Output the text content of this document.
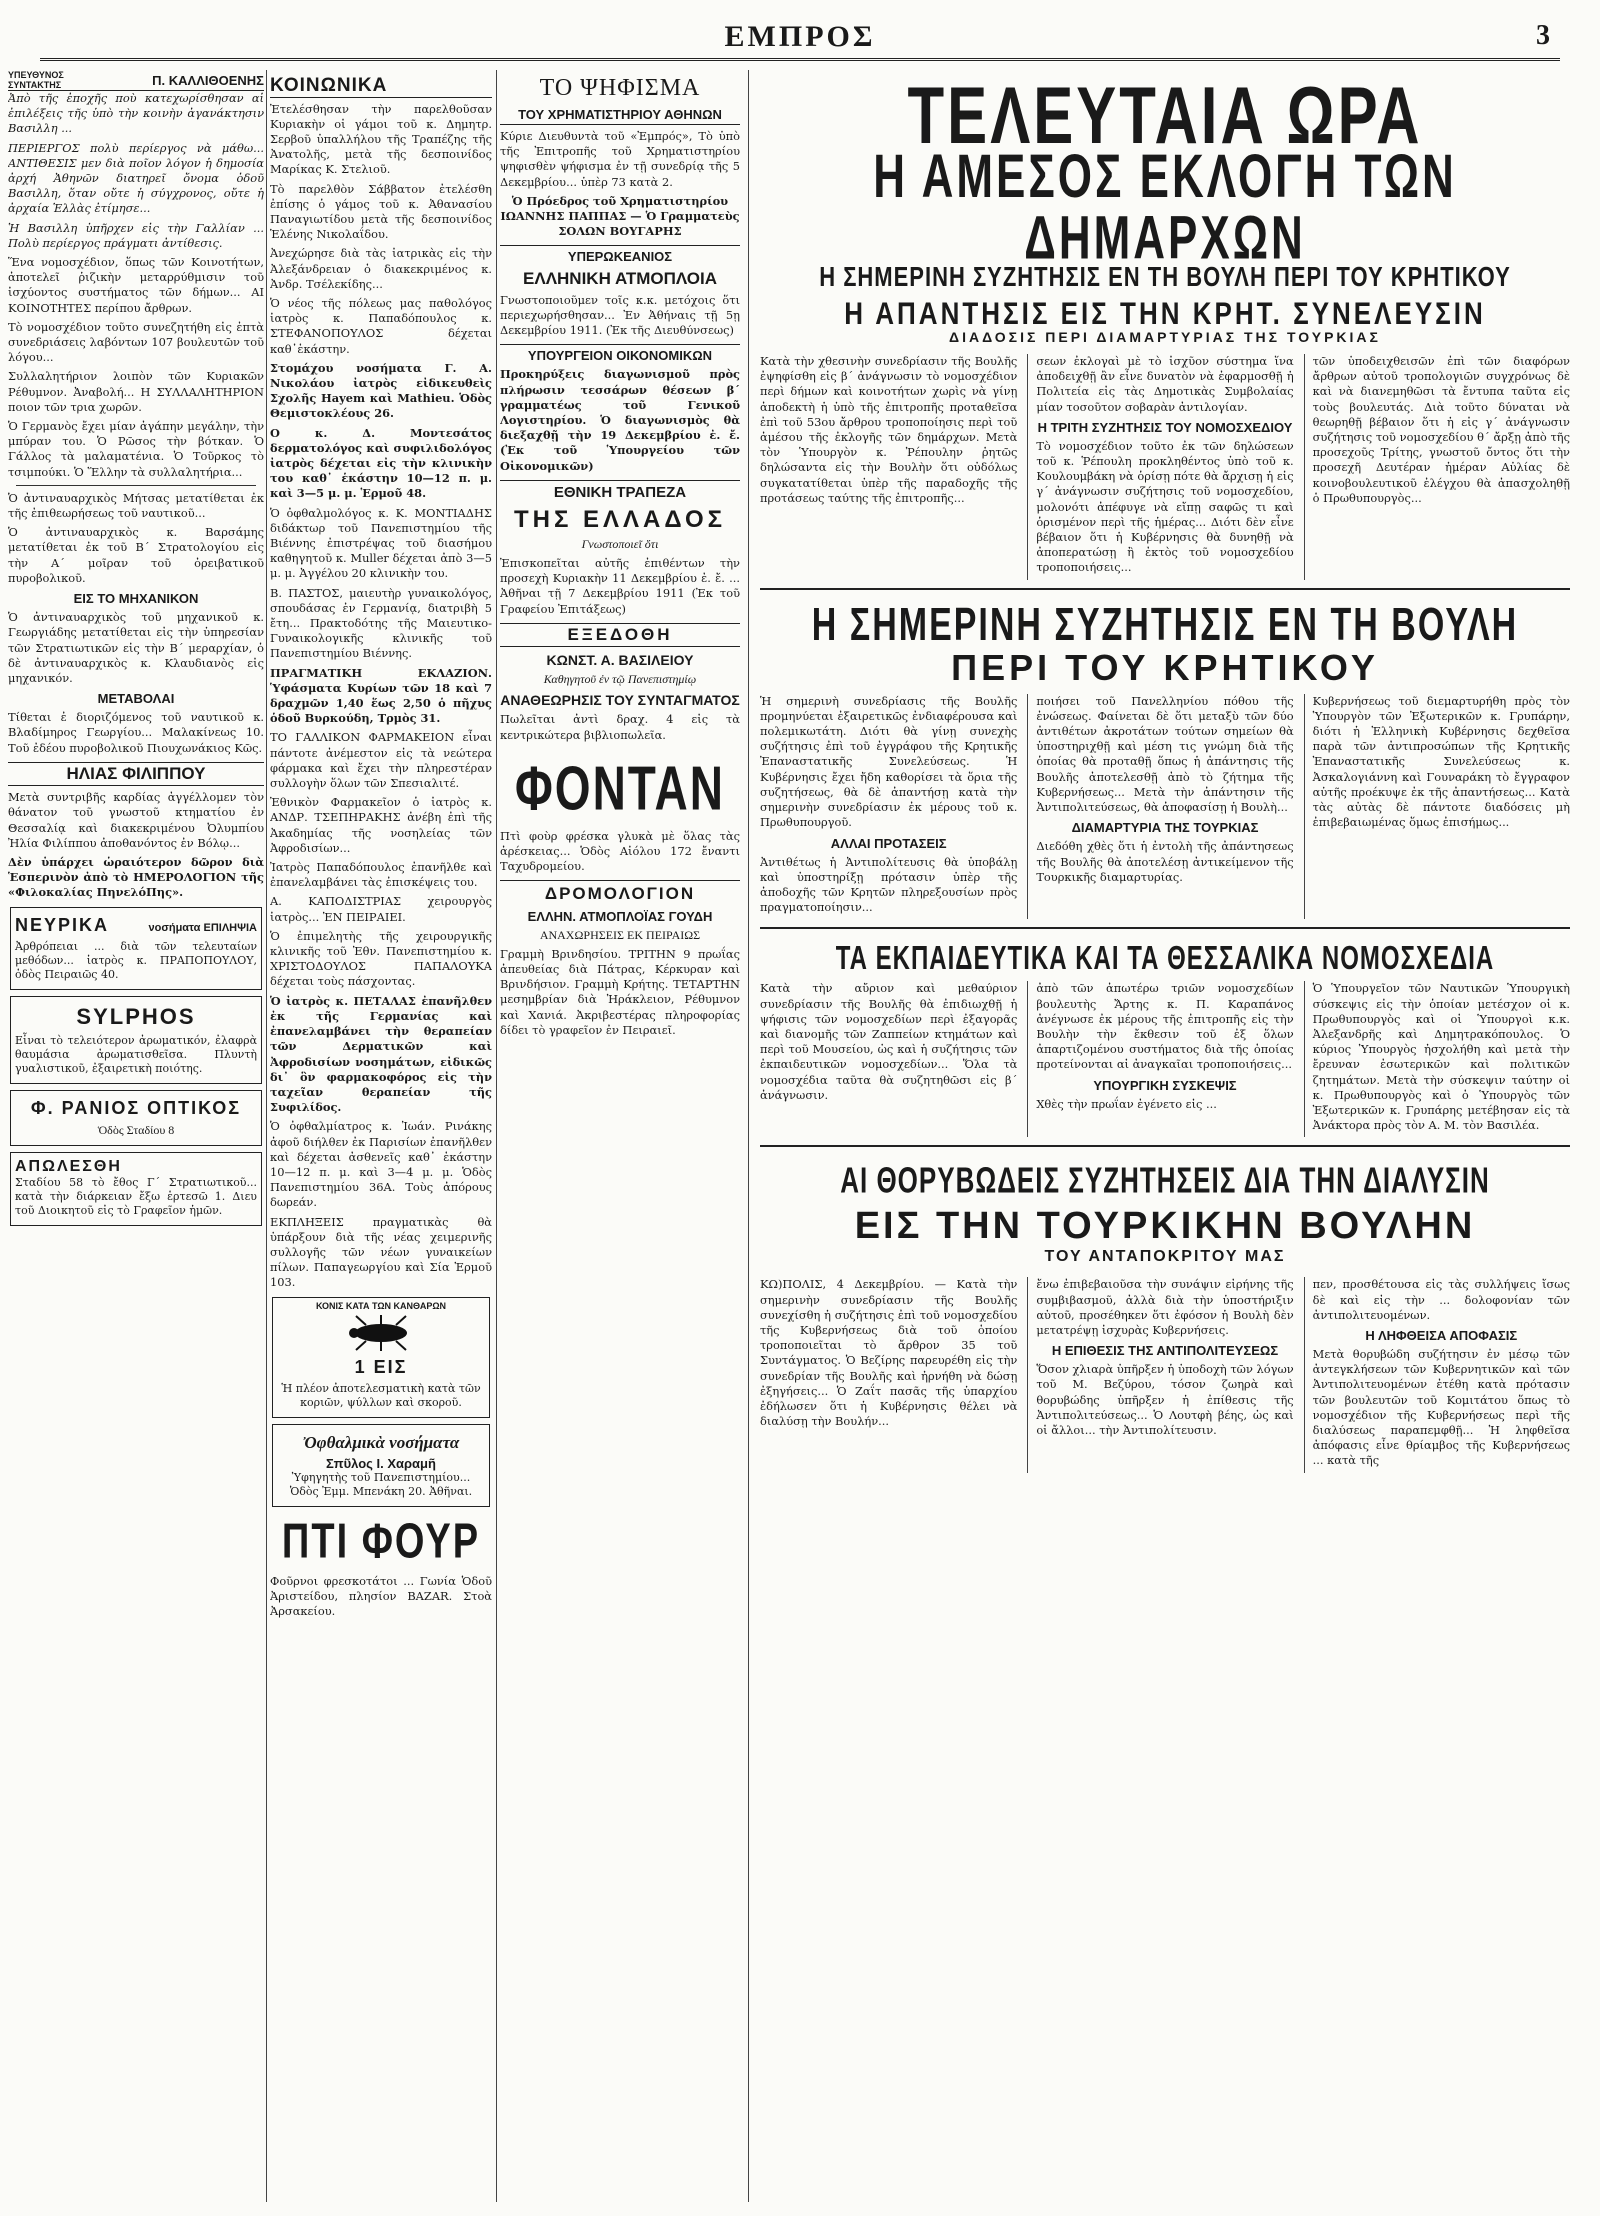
ΕΜΠΡΟΣ	3
ΥΠΕΥΘΥΝΟΣ ΣΥΝΤΑΚΤΗΣ	Π. ΚΑΛΛΙΘΟΕΝΗΣ

Ἀπὸ τῆς ἐποχῆς ποὺ κατεχωρίσθησαν αἱ ἐπιλέξεις τῆς ὑπὸ τὴν κοινὴν ἀγανάκτησιν Βασιλλη ...

ΠΕΡΙΕΡΓΟΣ πολὺ περίεργος νὰ μάθω... ΑΝΤΙΘΕΣΙΣ μεν διὰ ποῖον λόγον ἡ δημοσία ἀρχή Ἀθηνῶν διατηρεῖ ὄνομα ὁδοῦ Βασιλλη, ὅταν οὔτε ἡ σύγχρονος, οὔτε ἡ ἀρχαία Ἑλλὰς ἐτίμησε...

Ἡ Βασιλλη ὑπῆρχεν εἰς τὴν Γαλλίαν ... Πολὺ περίεργος πράγματι ἀντίθεσις.

Ἕνα νομοσχέδιον, ὅπως τῶν Κοινοτήτων, ἀποτελεῖ ῥιζικὴν μεταρρύθμισιν τοῦ ἰσχύοντος συστήματος τῶν δήμων... ΑΙ ΚΟΙΝΟΤΗΤΕΣ περίπου ἄρθρων.

Τὸ νομοσχέδιον τοῦτο συνεζητήθη εἰς ἐπτὰ συνεδριάσεις λαβόντων 107 βουλευτῶν τοῦ λόγου...

Συλλαλητήριον λοιπὸν τῶν Κυριακῶν Ρέθυμνον. Ἀναβολή... Η ΣΥΛΛΑΛΗΤΗΡΙΟΝ ποιον τῶν τρια χωρῶν.

Ὁ Γερμανὸς ἔχει μίαν ἀγάπην μεγάλην, τὴν μπύραν του. Ὁ Ρῶσος τὴν βότκαν. Ὁ Γάλλος τὰ μαλαματένια. Ὁ Τοῦρκος τὸ τσιμπούκι. Ὁ Ἕλλην τὰ συλλαλητήρια...

Ὁ ἀντιναυαρχικὸς Μήτσας μετατίθεται ἐκ τῆς ἐπιθεωρήσεως τοῦ ναυτικοῦ...

Ὁ ἀντιναυαρχικὸς κ. Βαρσάμης μετατίθεται ἐκ τοῦ Β΄ Στρατολογίου εἰς τὴν Α΄ μοῖραν τοῦ ὀρειβατικοῦ πυροβολικοῦ.

ΕΙΣ ΤΟ ΜΗΧΑΝΙΚΟΝ

Ὁ ἀντιναυαρχικὸς τοῦ μηχανικοῦ κ. Γεωργιάδης μετατίθεται εἰς τὴν ὑπηρεσίαν τῶν Στρατιωτικῶν εἰς τὴν Β΄ μεραρχίαν, ὁ δὲ ἀντιναυαρχικὸς κ. Κλαυδιανὸς εἰς μηχανικόν.

ΜΕΤΑΒΟΛΑΙ

Τίθεται ἐ διοριζόμενος τοῦ ναυτικοῦ κ. Βλαδίμηρος Γεωργίου... Μαλακίνεως 10. Τοῦ ἐδέου πυροβολικοῦ Πιουχωνάκιος Κῶς.

ΗΛΙΑΣ ΦΙΛΙΠΠΟΥ

Μετὰ συντριβῆς καρδίας ἀγγέλλομεν τὸν θάνατον τοῦ γνωστοῦ κτηματίου ἐν Θεσσαλίᾳ καὶ διακεκριμένου Ὀλυμπίου Ἠλία Φιλίππου ἀποθανόντος ἐν Βόλῳ...

Δὲν ὑπάρχει ὡραιότερον δῶρον διὰ Ἑσπερινὸν ἀπὸ τὸ ΗΜΕΡΟΛΟΓΙΟΝ τῆς «Φιλοκαλίας ΠηνελόΠης».

ΝΕΥΡΙΚΑ	νοσήματα ΕΠΙΛΗΨΙΑ

Ἀρθρόπειαι ... διὰ τῶν τελευταίων μεθόδων... ἰατρὸς κ. ΠΡΑΠΟΠΟΥΛΟΥ, ὁδὸς Πειραιῶς 40.

SYLPHOS

Εἶναι τὸ τελειότερον ἀρωματικόν, ἐλαφρὰ θαυμάσια ἀρωματισθεῖσα. Πλυντὴ γυαλιστικοῦ, ἐξαιρετικὴ ποιότης.

Φ. ΡΑΝΙΟΣ ΟΠΤΙΚΟΣ
Ὁδὸς Σταδίου 8
ΑΠΩΛΕΣΘΗ

Σταδίου 58 τὸ ἔθος Γ΄ Στρατιωτικοῦ... κατὰ τὴν διάρκειαν ἔξω ἑρτεσῶ 1. Διευ τοῦ Διοικητοῦ εἰς τὸ Γραφεῖον ἡμῶν.

ΚΟΙΝΩΝΙΚΑ

Ἐτελέσθησαν τὴν παρελθοῦσαν Κυριακὴν οἱ γάμοι τοῦ κ. Δημητρ. Σερβοῦ ὑπαλλήλου τῆς Τραπέζης τῆς Ἀνατολῆς, μετὰ τῆς δεσποινίδος Μαρίκας Κ. Στελιοῦ.

Τὸ παρελθὸν Σάββατον ἐτελέσθη ἐπίσης ὁ γάμος τοῦ κ. Ἀθανασίου Παναγιωτίδου μετὰ τῆς δεσποινίδος Ἑλένης Νικολαΐδου.

Ἀνεχώρησε διὰ τὰς ἰατρικὰς εἰς τὴν Ἀλεξάνδρειαν ὁ διακεκριμένος κ. Ἀνδρ. Τσέλεκίδης...

Ὁ νέος τῆς πόλεως μας παθολόγος ἰατρὸς κ. Παπαδόπουλος κ. ΣΤΕΦΑΝΟΠΟΥΛΟΣ δέχεται καθ᾽ἑκάστην.

Στομάχου νοσήματα Γ. Α. Νικολάου ἰατρὸς εἰδικευθεὶς Σχολῆς Hayem καὶ Mathieu. Ὁδὸς Θεμιστοκλέους 26.

Ο κ. Δ. Μοντεσάτος δερματολόγος καὶ συφιλιδολόγος ἰατρὸς δέχεται εἰς τὴν κλινικὴν του καθ᾽ ἑκάστην 10—12 π. μ. καὶ 3—5 μ. μ. Ἑρμοῦ 48.

Ὁ ὀφθαλμολόγος κ. Κ. ΜΟΝΤΙΑΔΗΣ διδάκτωρ τοῦ Πανεπιστημίου τῆς Βιέννης ἐπιστρέψας τοῦ διασήμου καθηγητοῦ κ. Muller δέχεται ἀπὸ 3—5 μ. μ. Ἀγγέλου 20 κλινικὴν του.

Β. ΠΑΣΤΟΣ, μαιευτὴρ γυναικολόγος, σπουδάσας ἐν Γερμανίᾳ, διατριβὴ 5 ἔτη... Πρακτοδότης τῆς Μαιευτικο-Γυναικολογικῆς κλινικῆς τοῦ Πανεπιστημίου Βιέννης.

ΠΡΑΓΜΑΤΙΚΗ ΕΚΛΑΖΙΟΝ. Ὑφάσματα Κυρίων τῶν 18 καὶ 7 δραχμῶν 1,40 ἕως 2,50 ὁ πῆχυς ὁδοῦ Βυρκούδη, Τρμὸς 31.

ΤΟ ΓΑΛΛΙΚΟΝ ΦΑΡΜΑΚΕΙΟΝ εἶναι πάντοτε ἀνέμεστον εἰς τὰ νεώτερα φάρμακα καὶ ἔχει τὴν πληρεστέραν συλλογὴν ὅλων τῶν Σπεσιαλιτέ.

Ἐθνικὸν Φαρμακεῖον ὁ ἰατρὸς κ. ΑΝΔΡ. ΤΣΕΠΗΡΑΚΗΣ ἀνέβη ἐπὶ τῆς Ἀκαδημίας τῆς νοσηλείας τῶν Ἀφροδισίων...

Ἰατρὸς Παπαδόπουλος ἐπανῆλθε καὶ ἐπανελαμβάνει τὰς ἐπισκέψεις του.

Α. ΚΑΠΟΔΙΣΤΡΙΑΣ χειρουργὸς ἰατρὸς... ἘΝ ΠΕΙΡΑΙΕΙ.

Ὁ ἐπιμελητὴς τῆς χειρουργικῆς κλινικῆς τοῦ Ἐθν. Πανεπιστημίου κ. ΧΡΙΣΤΟΔΟΥΛΟΣ ΠΑΠΑΛΟΥΚΑ δέχεται τοὺς πάσχοντας.

Ὁ ἰατρὸς κ. ΠΕΤΑΛΑΣ ἐπανῆλθεν ἐκ τῆς Γερμανίας καὶ ἐπανελαμβάνει τὴν θεραπείαν τῶν Δερματικῶν καὶ Ἀφροδισίων νοσημάτων, εἰδικῶς δι᾽ ὃν φαρμακοφόρος εἰς τὴν ταχεῖαν θεραπείαν τῆς Συφιλίδος.

Ὁ ὀφθαλμίατρος κ. Ἰωάν. Ρινάκης ἀφοῦ διήλθεν ἐκ Παρισίων ἐπανῆλθεν καὶ δέχεται ἀσθενεῖς καθ᾽ ἑκάστην 10—12 π. μ. καὶ 3—4 μ. μ. Ὁδὸς Πανεπιστημίου 36Α. Τοὺς ἀπόρους δωρεάν.

ΕΚΠΛΗΞΕΙΣ πραγματικὰς θὰ ὑπάρξουν διὰ τῆς νέας χειμερινῆς συλλογῆς τῶν νέων γυναικείων πίλων. Παπαγεωργίου καὶ Σία Ἑρμοῦ 103.

ΚΟΝΙΣ ΚΑΤΑ ΤΩΝ ΚΑΝΘΑΡΩΝ
1 ΕΙΣ

Ἡ πλέον ἀποτελεσματικὴ κατὰ τῶν κοριῶν, ψύλλων καὶ σκοροῦ.

Ὀφθαλμικὰ νοσήματα
Σπῦλος Ι. Χαραμῆ

Ὑφηγητὴς τοῦ Πανεπιστημίου... Ὁδὸς Ἐμμ. Μπενάκη 20. Ἀθῆναι.

ΠΤΙ ΦΟΥΡ

Φοῦρνοι φρεσκοτάτοι ... Γωνία Ὁδοῦ Ἀριστείδου, πλησίον BAZAR. Στοὰ Ἀρσακείου.

ΤΟ ΨΗΦΙΣΜΑ
ΤΟΥ ΧΡΗΜΑΤΙΣΤΗΡΙΟΥ ΑΘΗΝΩΝ

Κύριε Διευθυντὰ τοῦ «Ἐμπρός», Τὸ ὑπὸ τῆς Ἐπιτροπῆς τοῦ Χρηματιστηρίου ψηφισθὲν ψήφισμα ἐν τῇ συνεδρίᾳ τῆς 5 Δεκεμβρίου... ὑπὲρ 73 κατὰ 2.

Ὁ Πρόεδρος τοῦ Χρηματιστηρίου ΙΩΑΝΝΗΣ ΠΑΠΠΑΣ — Ὁ Γραμματεὺς ΣΟΛΩΝ ΒΟΥΓΑΡΗΣ

ΥΠΕΡΩΚΕΑΝΙΟΣ
ΕΛΛΗΝΙΚΗ ΑΤΜΟΠΛΟΙΑ

Γνωστοποιοῦμεν τοῖς κ.κ. μετόχοις ὅτι περιεχωρήσθησαν... Ἐν Ἀθήναις τῇ 5ῃ Δεκεμβρίου 1911. (Ἐκ τῆς Διευθύνσεως)

ΥΠΟΥΡΓΕΙΟΝ ΟΙΚΟΝΟΜΙΚΩΝ

Προκηρύξεις διαγωνισμοῦ πρὸς πλήρωσιν τεσσάρων θέσεων β΄ γραμματέως τοῦ Γενικοῦ Λογιστηρίου. Ὁ διαγωνισμὸς θὰ διεξαχθῇ τὴν 19 Δεκεμβρίου ἐ. ἔ. (Ἐκ τοῦ Ὑπουργείου τῶν Οἰκονομικῶν)

ΕΘΝΙΚΗ ΤΡΑΠΕΖΑ
ΤΗΣ ΕΛΛΑΔΟΣ
Γνωστοποιεῖ ὅτι

Ἐπισκοπεῖται αὐτῆς ἐπιθέντων τὴν προσεχὴ Κυριακὴν 11 Δεκεμβρίου ἐ. ἔ. ... Ἀθῆναι τῇ 7 Δεκεμβρίου 1911 (Ἐκ τοῦ Γραφείου Ἐπιτάξεως)

ΕΞΕΔΟΘΗ
ΚΩΝΣΤ. Α. ΒΑΣΙΛΕΙΟΥ
Καθηγητοῦ ἐν τῷ Πανεπιστημίῳ
ΑΝΑΘΕΩΡΗΣΙΣ ΤΟΥ ΣΥΝΤΑΓΜΑΤΟΣ

Πωλεῖται ἀντὶ δραχ. 4 εἰς τὰ κεντρικώτερα βιβλιοπωλεῖα.

ΦΟΝΤΑΝ

Πτὶ φοὺρ φρέσκα γλυκὰ μὲ ὅλας τὰς ἀρέσκειας... Ὁδὸς Αἰόλου 172 ἔναντι Ταχυδρομείου.

ΔΡΟΜΟΛΟΓΙΟΝ
ΕΛΛΗΝ. ΑΤΜΟΠΛΟΪΑΣ ΓΟΥΔΗ
ΑΝΑΧΩΡΗΣΕΙΣ ΕΚ ΠΕΙΡΑΙΩΣ

Γραμμὴ Βρινδησίου. ΤΡΙΤΗΝ 9 πρωΐας ἀπευθείας διὰ Πάτρας, Κέρκυραν καὶ Βρινδήσιον. Γραμμὴ Κρήτης. ΤΕΤΑΡΤΗΝ μεσημβρίαν διὰ Ἡράκλειον, Ρέθυμνον καὶ Χανιά. Ἀκριβεστέρας πληροφορίας δίδει τὸ γραφεῖον ἐν Πειραιεῖ.

ΤΕΛΕΥΤΑΙΑ ΩΡΑ
Η ΑΜΕΣΟΣ ΕΚΛΟΓΗ ΤΩΝ ΔΗΜΑΡΧΩΝ
Η ΣΗΜΕΡΙΝΗ ΣΥΖΗΤΗΣΙΣ ΕΝ ΤΗ ΒΟΥΛΗ ΠΕΡΙ ΤΟΥ ΚΡΗΤΙΚΟΥ
Η ΑΠΑΝΤΗΣΙΣ ΕΙΣ ΤΗΝ ΚΡΗΤ. ΣΥΝΕΛΕΥΣΙΝ
ΔΙΑΔΟΣΙΣ ΠΕΡΙ ΔΙΑΜΑΡΤΥΡΙΑΣ ΤΗΣ ΤΟΥΡΚΙΑΣ

Κατὰ τὴν χθεσινὴν συνεδρίασιν τῆς Βουλῆς ἐψηφίσθη εἰς β΄ ἀνάγνωσιν τὸ νομοσχέδιον περὶ δήμων καὶ κοινοτήτων χωρὶς νὰ γίνῃ ἀποδεκτὴ ἡ ὑπὸ τῆς ἐπιτροπῆς προταθεῖσα ἐπὶ τοῦ 53ου ἄρθρου τροποποίησις περὶ τοῦ ἀμέσου τῆς ἐκλογῆς τῶν δημάρχων. Μετὰ τὸν Ὑπουργὸν κ. Ῥέπουλην ῥητῶς δηλώσαντα εἰς τὴν Βουλὴν ὅτι οὐδόλως συγκατατίθεται ὑπὲρ τῆς παραδοχῆς τῆς προτάσεως ταύτης τῆς ἐπιτροπῆς...

σεων ἐκλογαὶ μὲ τὸ ἰσχῦον σύστημα ἵνα ἀποδειχθῇ ἂν εἶνε δυνατὸν νὰ ἐφαρμοσθῇ ἡ Πολιτεία εἰς τὰς Δημοτικὰς Συμβολαίας μίαν τοσοῦτον σοβαρὰν ἀντιλογίαν.

Η ΤΡΙΤΗ ΣΥΖΗΤΗΣΙΣ ΤΟΥ ΝΟΜΟΣΧΕΔΙΟΥ

Τὸ νομοσχέδιον τοῦτο ἐκ τῶν δηλώσεων τοῦ κ. Ῥέπουλη προκληθέντος ὑπὸ τοῦ κ. Κουλουμβάκη νὰ ὁρίσῃ πότε θὰ ἄρχισῃ ἡ εἰς γ΄ ἀνάγνωσιν συζήτησις τοῦ νομοσχεδίου, μολονότι ἀπέφυγε νὰ εἴπῃ σαφῶς τι καὶ ὁρισμένον περὶ τῆς ἡμέρας... Διότι δὲν εἶνε βέβαιον ὅτι ἡ Κυβέρνησις θὰ δυνηθῇ νὰ ἀποπερατώσῃ ἢ ἐκτὸς τοῦ νομοσχεδίου τροποποιήσεις...

τῶν ὑποδειχθεισῶν ἐπὶ τῶν διαφόρων ἄρθρων αὐτοῦ τροπολογιῶν συγχρόνως δὲ καὶ νὰ διανεμηθῶσι τὰ ἔντυπα ταῦτα εἰς τοὺς βουλευτάς. Διὰ τοῦτο δύναται νὰ θεωρηθῇ βέβαιον ὅτι ἡ εἰς γ΄ ἀνάγνωσιν συζήτησις τοῦ νομοσχεδίου θ΄ ἄρξῃ ἀπὸ τῆς προσεχοῦς Τρίτης, γνωστοῦ ὄντος ὅτι τὴν προσεχῆ Δευτέραν ἡμέραν Αὐλίας δὲ κοινοβουλευτικοῦ ἐλέγχου θὰ ἀπασχοληθῇ ὁ Πρωθυπουργὸς...

Η ΣΗΜΕΡΙΝΗ ΣΥΖΗΤΗΣΙΣ ΕΝ ΤΗ ΒΟΥΛΗ
ΠΕΡΙ ΤΟΥ ΚΡΗΤΙΚΟΥ

Ἡ σημερινὴ συνεδρίασις τῆς Βουλῆς προμηνύεται ἐξαιρετικῶς ἐνδιαφέρουσα καὶ πολεμικωτάτη. Διότι θὰ γίνῃ συνεχὴς συζήτησις ἐπὶ τοῦ ἐγγράφου τῆς Κρητικῆς Ἐπαναστατικῆς Συνελεύσεως. Ἡ Κυβέρνησις ἔχει ἤδη καθορίσει τὰ ὅρια τῆς συζητήσεως, θὰ δὲ ἀπαντήσῃ κατὰ τὴν σημερινὴν συνεδρίασιν ἐκ μέρους τοῦ κ. Πρωθυπουργοῦ.

ΑΛΛΑΙ ΠΡΟΤΑΣΕΙΣ

Ἀντιθέτως ἡ Ἀντιπολίτευσις θὰ ὑποβάλῃ καὶ ὑποστηρίξῃ πρότασιν ὑπὲρ τῆς ἀποδοχῆς τῶν Κρητῶν πληρεξουσίων πρὸς πραγματοποίησιν...

ποιήσει τοῦ Πανελληνίου πόθου τῆς ἐνώσεως. Φαίνεται δὲ ὅτι μεταξὺ τῶν δύο ἀντιθέτων ἀκροτάτων τούτων σημείων θὰ ὑποστηριχθῇ καὶ μέση τις γνώμη διὰ τῆς ὁποίας θὰ προταθῇ ὅπως ἡ ἀπάντησις τῆς Βουλῆς ἀποτελεσθῇ ἀπὸ τὸ ζήτημα τῆς Κυβερνήσεως... Μετὰ τὴν ἀπάντησιν τῆς Ἀντιπολιτεύσεως, θὰ ἀποφασίσῃ ἡ Βουλὴ...

ΔΙΑΜΑΡΤΥΡΙΑ ΤΗΣ ΤΟΥΡΚΙΑΣ

Διεδόθη χθὲς ὅτι ἡ ἐντολὴ τῆς ἀπάντησεως τῆς Βουλῆς θὰ ἀποτελέσῃ ἀντικείμενον τῆς Τουρκικῆς διαμαρτυρίας.

Κυβερνήσεως τοῦ διεμαρτυρήθη πρὸς τὸν Ὑπουργὸν τῶν Ἐξωτερικῶν κ. Γρυπάρην, διότι ἡ Ἑλληνικὴ Κυβέρνησις δεχθεῖσα παρὰ τῶν ἀντιπροσώπων τῆς Κρητικῆς Ἐπαναστατικῆς Συνελεύσεως κ. Ἀσκαλογιάννη καὶ Γουναράκη τὸ ἔγγραφον αὐτῆς προέκυψε ἐκ τῆς ἀπαντήσεως... Κατὰ τὰς αὐτὰς δὲ πάντοτε διαδόσεις μὴ ἐπιβεβαιωμένας ὅμως ἐπισήμως...

ΤΑ ΕΚΠΑΙΔΕΥΤΙΚΑ ΚΑΙ ΤΑ ΘΕΣΣΑΛΙΚΑ ΝΟΜΟΣΧΕΔΙΑ

Κατὰ τὴν αὔριον καὶ μεθαύριον συνεδρίασιν τῆς Βουλῆς θὰ ἐπιδιωχθῇ ἡ ψήφισις τῶν νομοσχεδίων περὶ ἐξαγορᾶς καὶ διανομῆς τῶν Ζαππείων κτημάτων καὶ περὶ τοῦ Μουσείου, ὡς καὶ ἡ συζήτησις τῶν ἐκπαιδευτικῶν νομοσχεδίων... Ὅλα τὰ νομοσχέδια ταῦτα θὰ συζητηθῶσι εἰς β΄ ἀνάγνωσιν.

ἀπὸ τῶν ἀπωτέρω τριῶν νομοσχεδίων βουλευτὴς Ἄρτης κ. Π. Καραπάνος ἀνέγνωσε ἐκ μέρους τῆς ἐπιτροπῆς εἰς τὴν Βουλὴν τὴν ἔκθεσιν τοῦ ἐξ ὅλων ἀπαρτιζομένου συστήματος διὰ τῆς ὁποίας προτείνονται αἱ ἀναγκαῖαι τροποποιήσεις...

ΥΠΟΥΡΓΙΚΗ ΣΥΣΚΕΨΙΣ

Χθὲς τὴν πρωΐαν ἐγένετο εἰς ...

Ὁ Ὑπουργεῖον τῶν Ναυτικῶν Ὑπουργικὴ σύσκεψις εἰς τὴν ὁποίαν μετέσχον οἱ κ. Πρωθυπουργὸς καὶ οἱ Ὑπουργοὶ κ.κ. Ἀλεξανδρῆς καὶ Δημητρακόπουλος. Ὁ κύριος Ὑπουργὸς ἠσχολήθη καὶ μετὰ τὴν ἔρευναν ἐσωτερικῶν καὶ πολιτικῶν ζητημάτων. Μετὰ τὴν σύσκεψιν ταύτην οἱ κ. Πρωθυπουργὸς καὶ ὁ Ὑπουργὸς τῶν Ἐξωτερικῶν κ. Γρυπάρης μετέβησαν εἰς τὰ Ἀνάκτορα πρὸς τὸν Α. Μ. τὸν Βασιλέα.

ΑΙ ΘΟΡΥΒΩΔΕΙΣ ΣΥΖΗΤΗΣΕΙΣ ΔΙΑ ΤΗΝ ΔΙΑΛΥΣΙΝ
ΕΙΣ ΤΗΝ ΤΟΥΡΚΙΚΗΝ ΒΟΥΛΗΝ
ΤΟΥ ΑΝΤΑΠΟΚΡΙΤΟΥ ΜΑΣ

ΚΩ)ΠΟΛΙΣ, 4 Δεκεμβρίου. — Κατὰ τὴν σημερινὴν συνεδρίασιν τῆς Βουλῆς συνεχίσθη ἡ συζήτησις ἐπὶ τοῦ νομοσχεδίου τῆς Κυβερνήσεως διὰ τοῦ ὁποίου τροποποιεῖται τὸ ἄρθρον 35 τοῦ Συντάγματος. Ὁ Βεζίρης παρευρέθη εἰς τὴν συνεδρίαν τῆς Βουλῆς καὶ ἠρνήθη νὰ δώσῃ ἐξηγήσεις... Ὁ Ζαΐτ πασᾶς τῆς ὑπαρχίου ἐδήλωσεν ὅτι ἡ Κυβέρνησις θέλει νὰ διαλύσῃ τὴν Βουλήν...

ἔνω ἐπιβεβαιοῦσα τὴν συνάψιν εἰρήνης τῆς συμβιβασμοῦ, ἀλλὰ διὰ τὴν ὑποστήριξιν αὐτοῦ, προσέθηκεν ὅτι ἐφόσον ἡ Βουλὴ δὲν μετατρέψῃ ἰσχυρὰς Κυβερνήσεις.

Η ΕΠΙΘΕΣΙΣ ΤΗΣ ΑΝΤΙΠΟΛΙΤΕΥΣΕΩΣ

Ὅσον χλιαρὰ ὑπῆρξεν ἡ ὑποδοχὴ τῶν λόγων τοῦ Μ. Βεζύρου, τόσον ζωηρὰ καὶ θορυβώδης ὑπῆρξεν ἡ ἐπίθεσις τῆς Ἀντιπολιτεύσεως... Ὁ Λουτφὴ βέης, ὡς καὶ οἱ ἄλλοι... τὴν Ἀντιπολίτευσιν.

πεν, προσθέτουσα εἰς τὰς συλλήψεις ἴσως δὲ καὶ εἰς τὴν ... δολοφονίαν τῶν ἀντιπολιτευομένων.

Η ΛΗΦΘΕΙΣΑ ΑΠΟΦΑΣΙΣ

Μετὰ θορυβώδη συζήτησιν ἐν μέσῳ τῶν ἀντεγκλήσεων τῶν Κυβερνητικῶν καὶ τῶν Ἀντιπολιτευομένων ἐτέθη κατὰ πρότασιν τῶν βουλευτῶν τοῦ Κομιτάτου ὅπως τὸ νομοσχέδιον τῆς Κυβερνήσεως περὶ τῆς διαλύσεως παραπεμφθῇ... Ἡ ληφθεῖσα ἀπόφασις εἶνε θρίαμβος τῆς Κυβερνήσεως ... κατὰ τῆς
